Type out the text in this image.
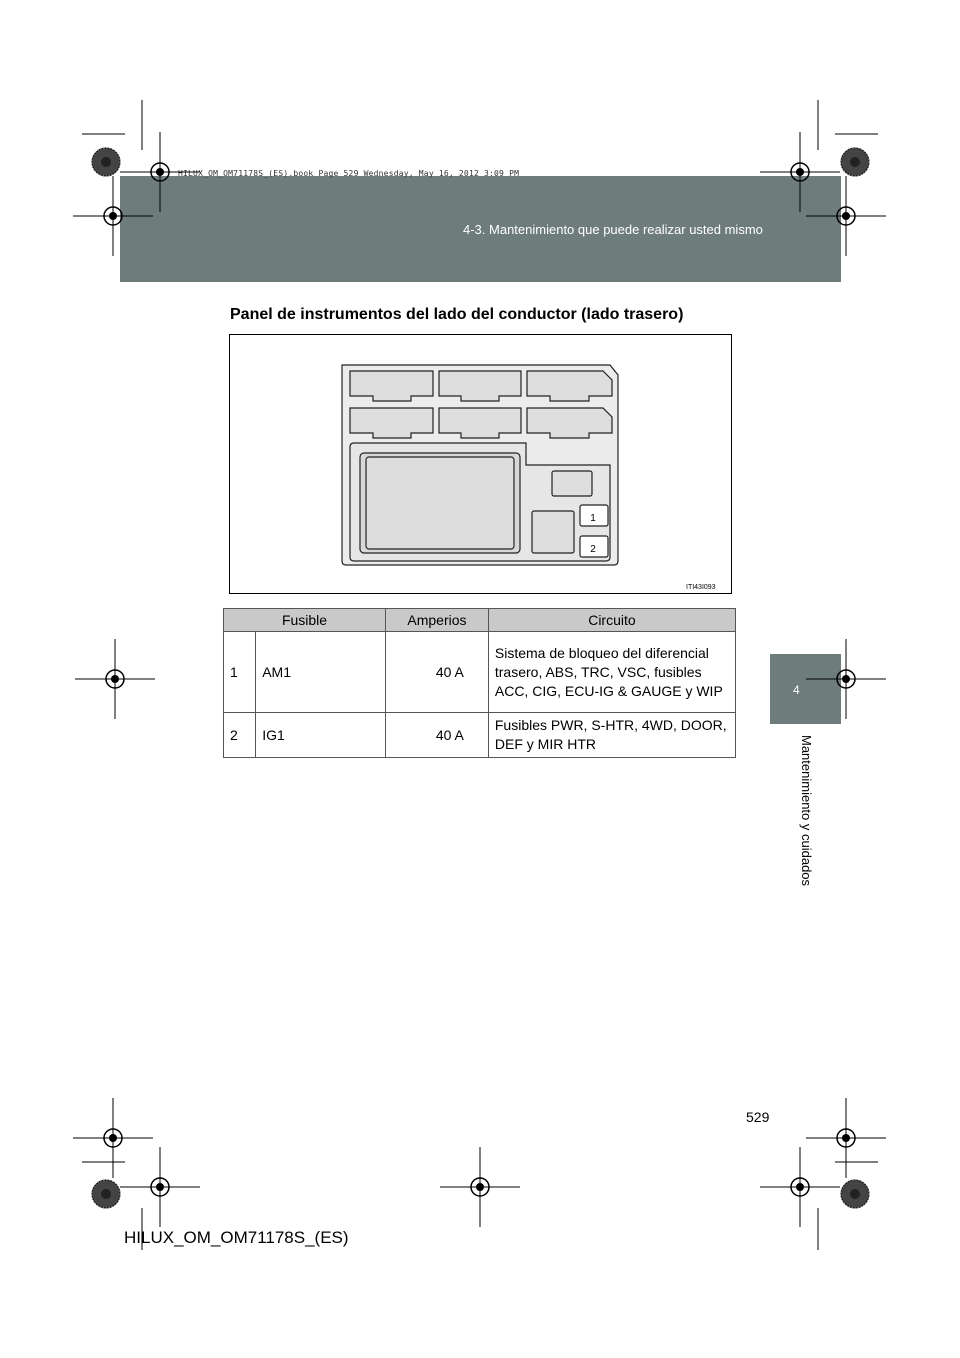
4-3. Mantenimiento que puede realizar usted mismo
HILUX_OM_OM71178S_(ES).book Page 529 Wednesday, May 16, 2012 3:09 PM
4
Mantenimiento y cuidados
Panel de instrumentos del lado del conductor (lado trasero)
1
2
ITI43I093
Fusible		Amperios	Circuito
1	AM1	40 A	Sistema de bloqueo del diferencial trasero, ABS, TRC, VSC, fusibles ACC, CIG, ECU-IG & GAUGE y WIP
2	IG1	40 A	Fusibles PWR, S-HTR, 4WD, DOOR, DEF y MIR HTR
529
HILUX_OM_OM71178S_(ES)
